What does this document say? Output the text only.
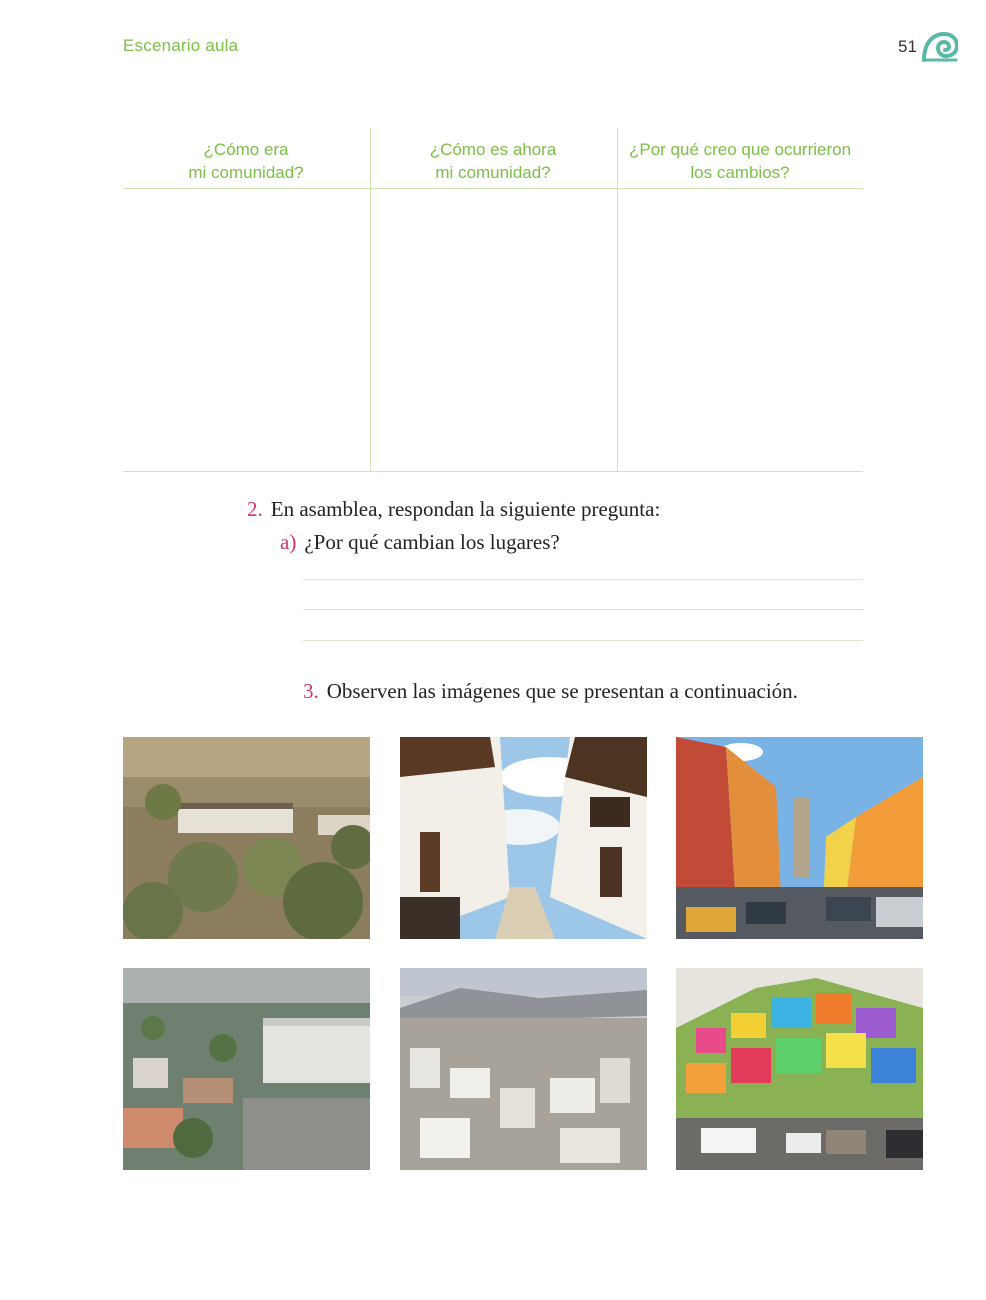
Escenario aula	51
¿Cómo era
mi comunidad?
¿Cómo es ahora
mi comunidad?
¿Por qué creo que ocurrieron
los cambios?
2. En asamblea, respondan la siguiente pregunta:
a) ¿Por qué cambian los lugares?
3. Observen las imágenes que se presentan a continuación.
